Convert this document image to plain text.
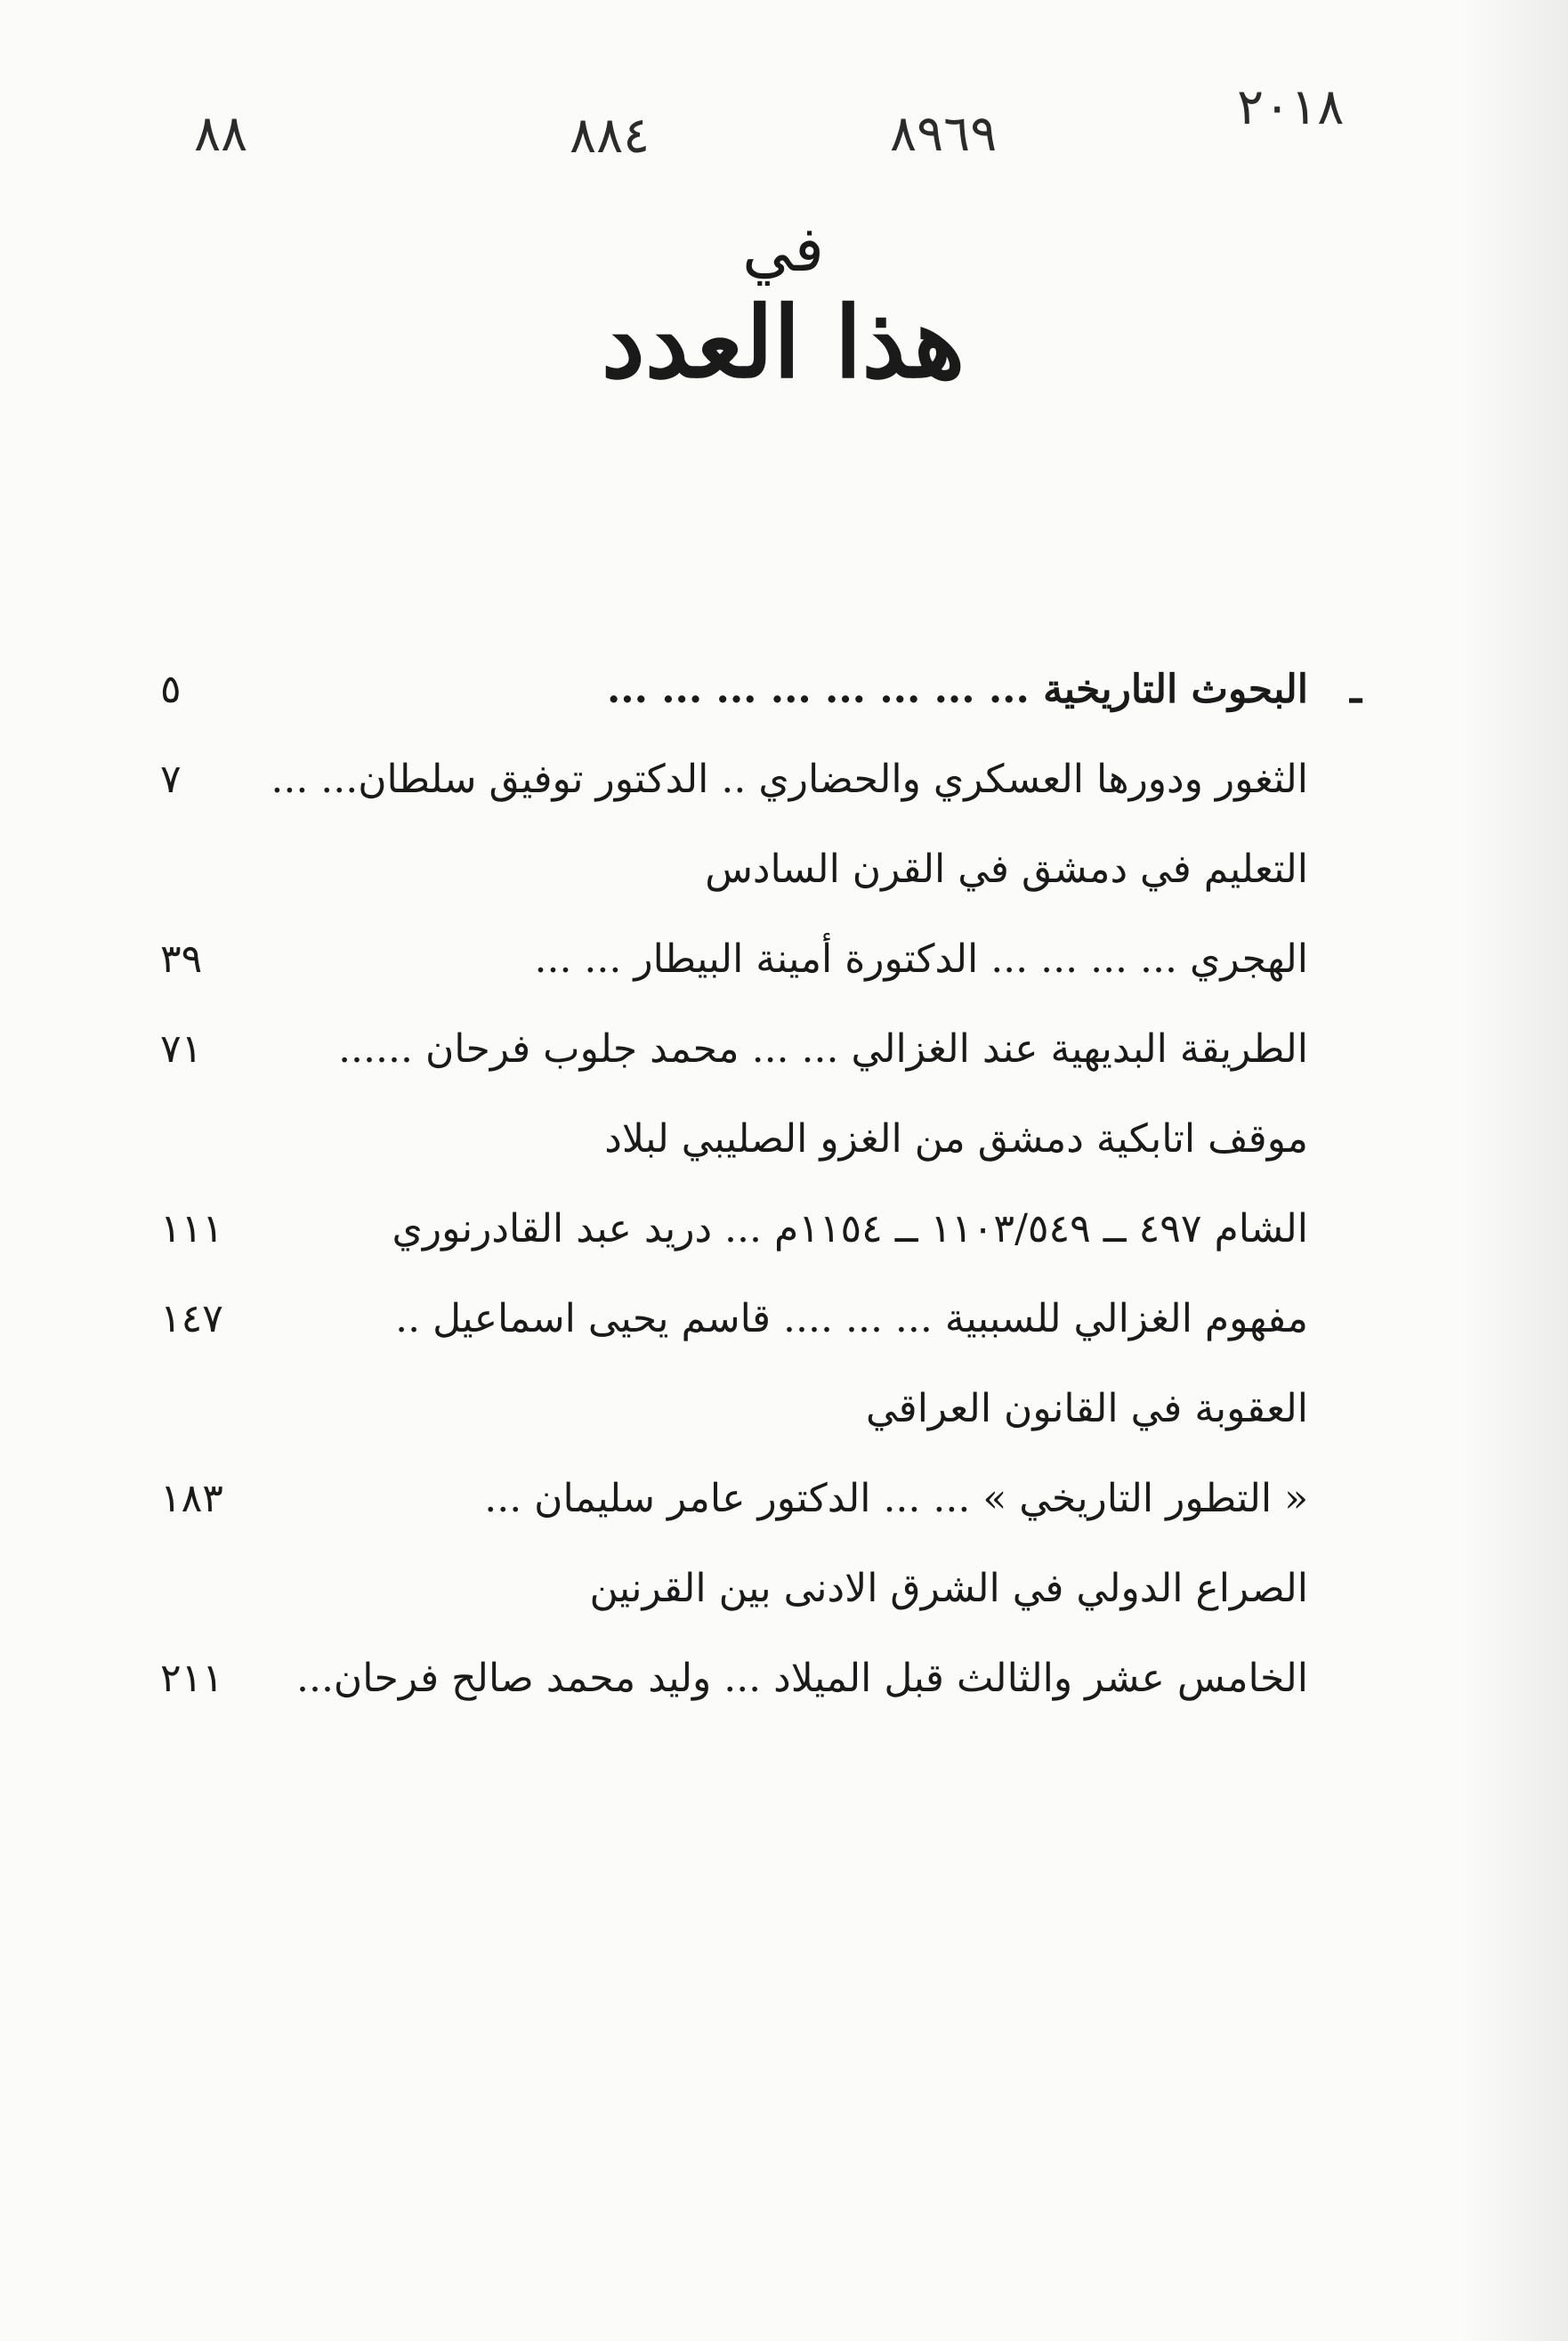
٢٠١٨
٨٩٦٩
٨٨٤
٨٨
في
هذا العدد
ـ
البحوث التاريخية ... ... ... ... ... ... ... ...
٥
الثغور ودورها العسكري والحضاري .. الدكتور توفيق سلطان... ...
٧
التعليم في دمشق في القرن السادس
الهجري ... ... ... ... الدكتورة أمينة البيطار ... ...
٣٩
الطريقة البديهية عند الغزالي ... ... محمد جلوب فرحان ......
٧١
موقف اتابكية دمشق من الغزو الصليبي لبلاد
الشام ٤٩٧ ــ ١١٠٣/٥٤٩ ــ ١١٥٤م ... دريد عبد القادرنوري
١١١
مفهوم الغزالي للسببية ... ... .... قاسم يحيى اسماعيل ..
١٤٧
العقوبة في القانون العراقي
« التطور التاريخي » ... ... الدكتور عامر سليمان ...
١٨٣
الصراع الدولي في الشرق الادنى بين القرنين
الخامس عشر والثالث قبل الميلاد ... وليد محمد صالح فرحان...
٢١١
